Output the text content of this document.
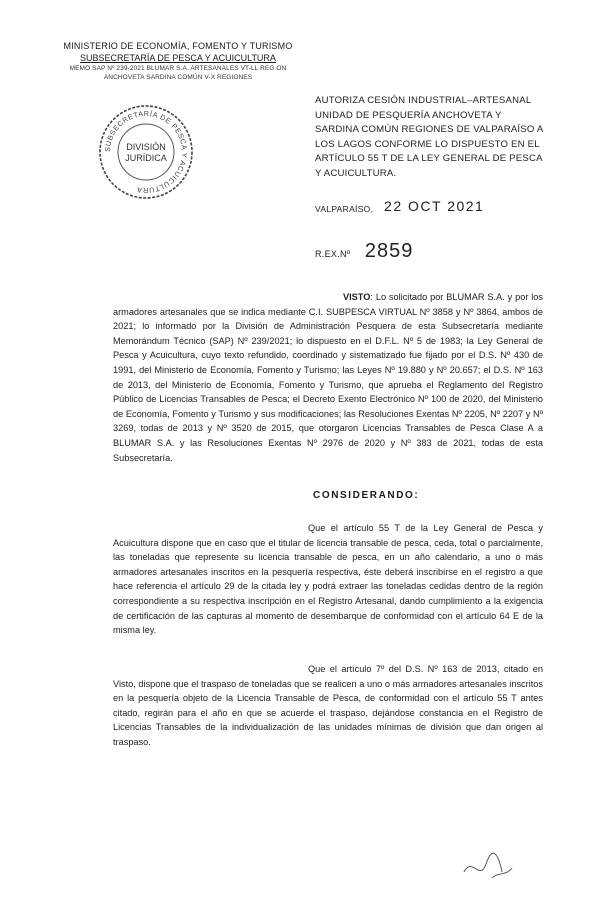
MINISTERIO DE ECONOMÍA, FOMENTO Y TURISMO
SUBSECRETARÍA DE PESCA Y ACUICULTURA
MEMO SAP Nº 239-2021 BLUMAR S.A. ARTESANALES VT-LL REG ON
ANCHOVETA SARDINA COMÚN V-X REGIONES
SUBSECRETARÍA DE PESCA Y ACUICULTURA
DIVISIÓN
JURÍDICA
AUTORIZA CESIÓN INDUSTRIAL–ARTESANAL UNIDAD DE PESQUERÍA ANCHOVETA Y SARDINA COMÚN REGIONES DE VALPARAÍSO A LOS LAGOS CONFORME LO DISPUESTO EN EL ARTÍCULO 55 T DE LA LEY GENERAL DE PESCA Y ACUICULTURA.
VALPARAÍSO, 22 OCT 2021
R.EX.Nº 2859
VISTO: Lo solicitado por BLUMAR S.A. y por los armadores artesanales que se indica mediante C.I. SUBPESCA VIRTUAL Nº 3858 y Nº 3864, ambos de 2021; lo informado por la División de Administración Pesquera de esta Subsecretaría mediante Memorándum Técnico (SAP) Nº 239/2021; lo dispuesto en el D.F.L. Nº 5 de 1983; la Ley General de Pesca y Acuicultura, cuyo texto refundido, coordinado y sistematizado fue fijado por el D.S. Nº 430 de 1991, del Ministerio de Economía, Fomento y Turismo; las Leyes Nº 19.880 y Nº 20.657; el D.S. Nº 163 de 2013, del Ministerio de Economía, Fomento y Turismo, que aprueba el Reglamento del Registro Público de Licencias Transables de Pesca; el Decreto Exento Electrónico Nº 100 de 2020, del Ministerio de Economía, Fomento y Turismo y sus modificaciones; las Resoluciones Exentas Nº 2205, Nº 2207 y Nº 3269, todas de 2013 y Nº 3520 de 2015, que otorgaron Licencias Transables de Pesca Clase A a BLUMAR S.A. y las Resoluciones Exentas Nº 2976 de 2020 y Nº 383 de 2021, todas de esta Subsecretaría.
CONSIDERANDO:
Que el artículo 55 T de la Ley General de Pesca y Acuicultura dispone que en caso que el titular de licencia transable de pesca, ceda, total o parcialmente, las toneladas que represente su licencia transable de pesca, en un año calendario, a uno o más armadores artesanales inscritos en la pesquería respectiva, éste deberá inscribirse en el registro a que hace referencia el artículo 29 de la citada ley y podrá extraer las toneladas cedidas dentro de la región correspondiente a su respectiva inscripción en el Registro Artesanal, dando cumplimiento a la exigencia de certificación de las capturas al momento de desembarque de conformidad con el artículo 64 E de la misma ley.
Que el artículo 7º del D.S. Nº 163 de 2013, citado en Visto, dispone que el traspaso de toneladas que se realicen a uno o más armadores artesanales inscritos en la pesquería objeto de la Licencia Transable de Pesca, de conformidad con el artículo 55 T antes citado, regirán para el año en que se acuerde el traspaso, dejándose constancia en el Registro de Licencias Transables de la individualización de las unidades mínimas de división que dan origen al traspaso.
